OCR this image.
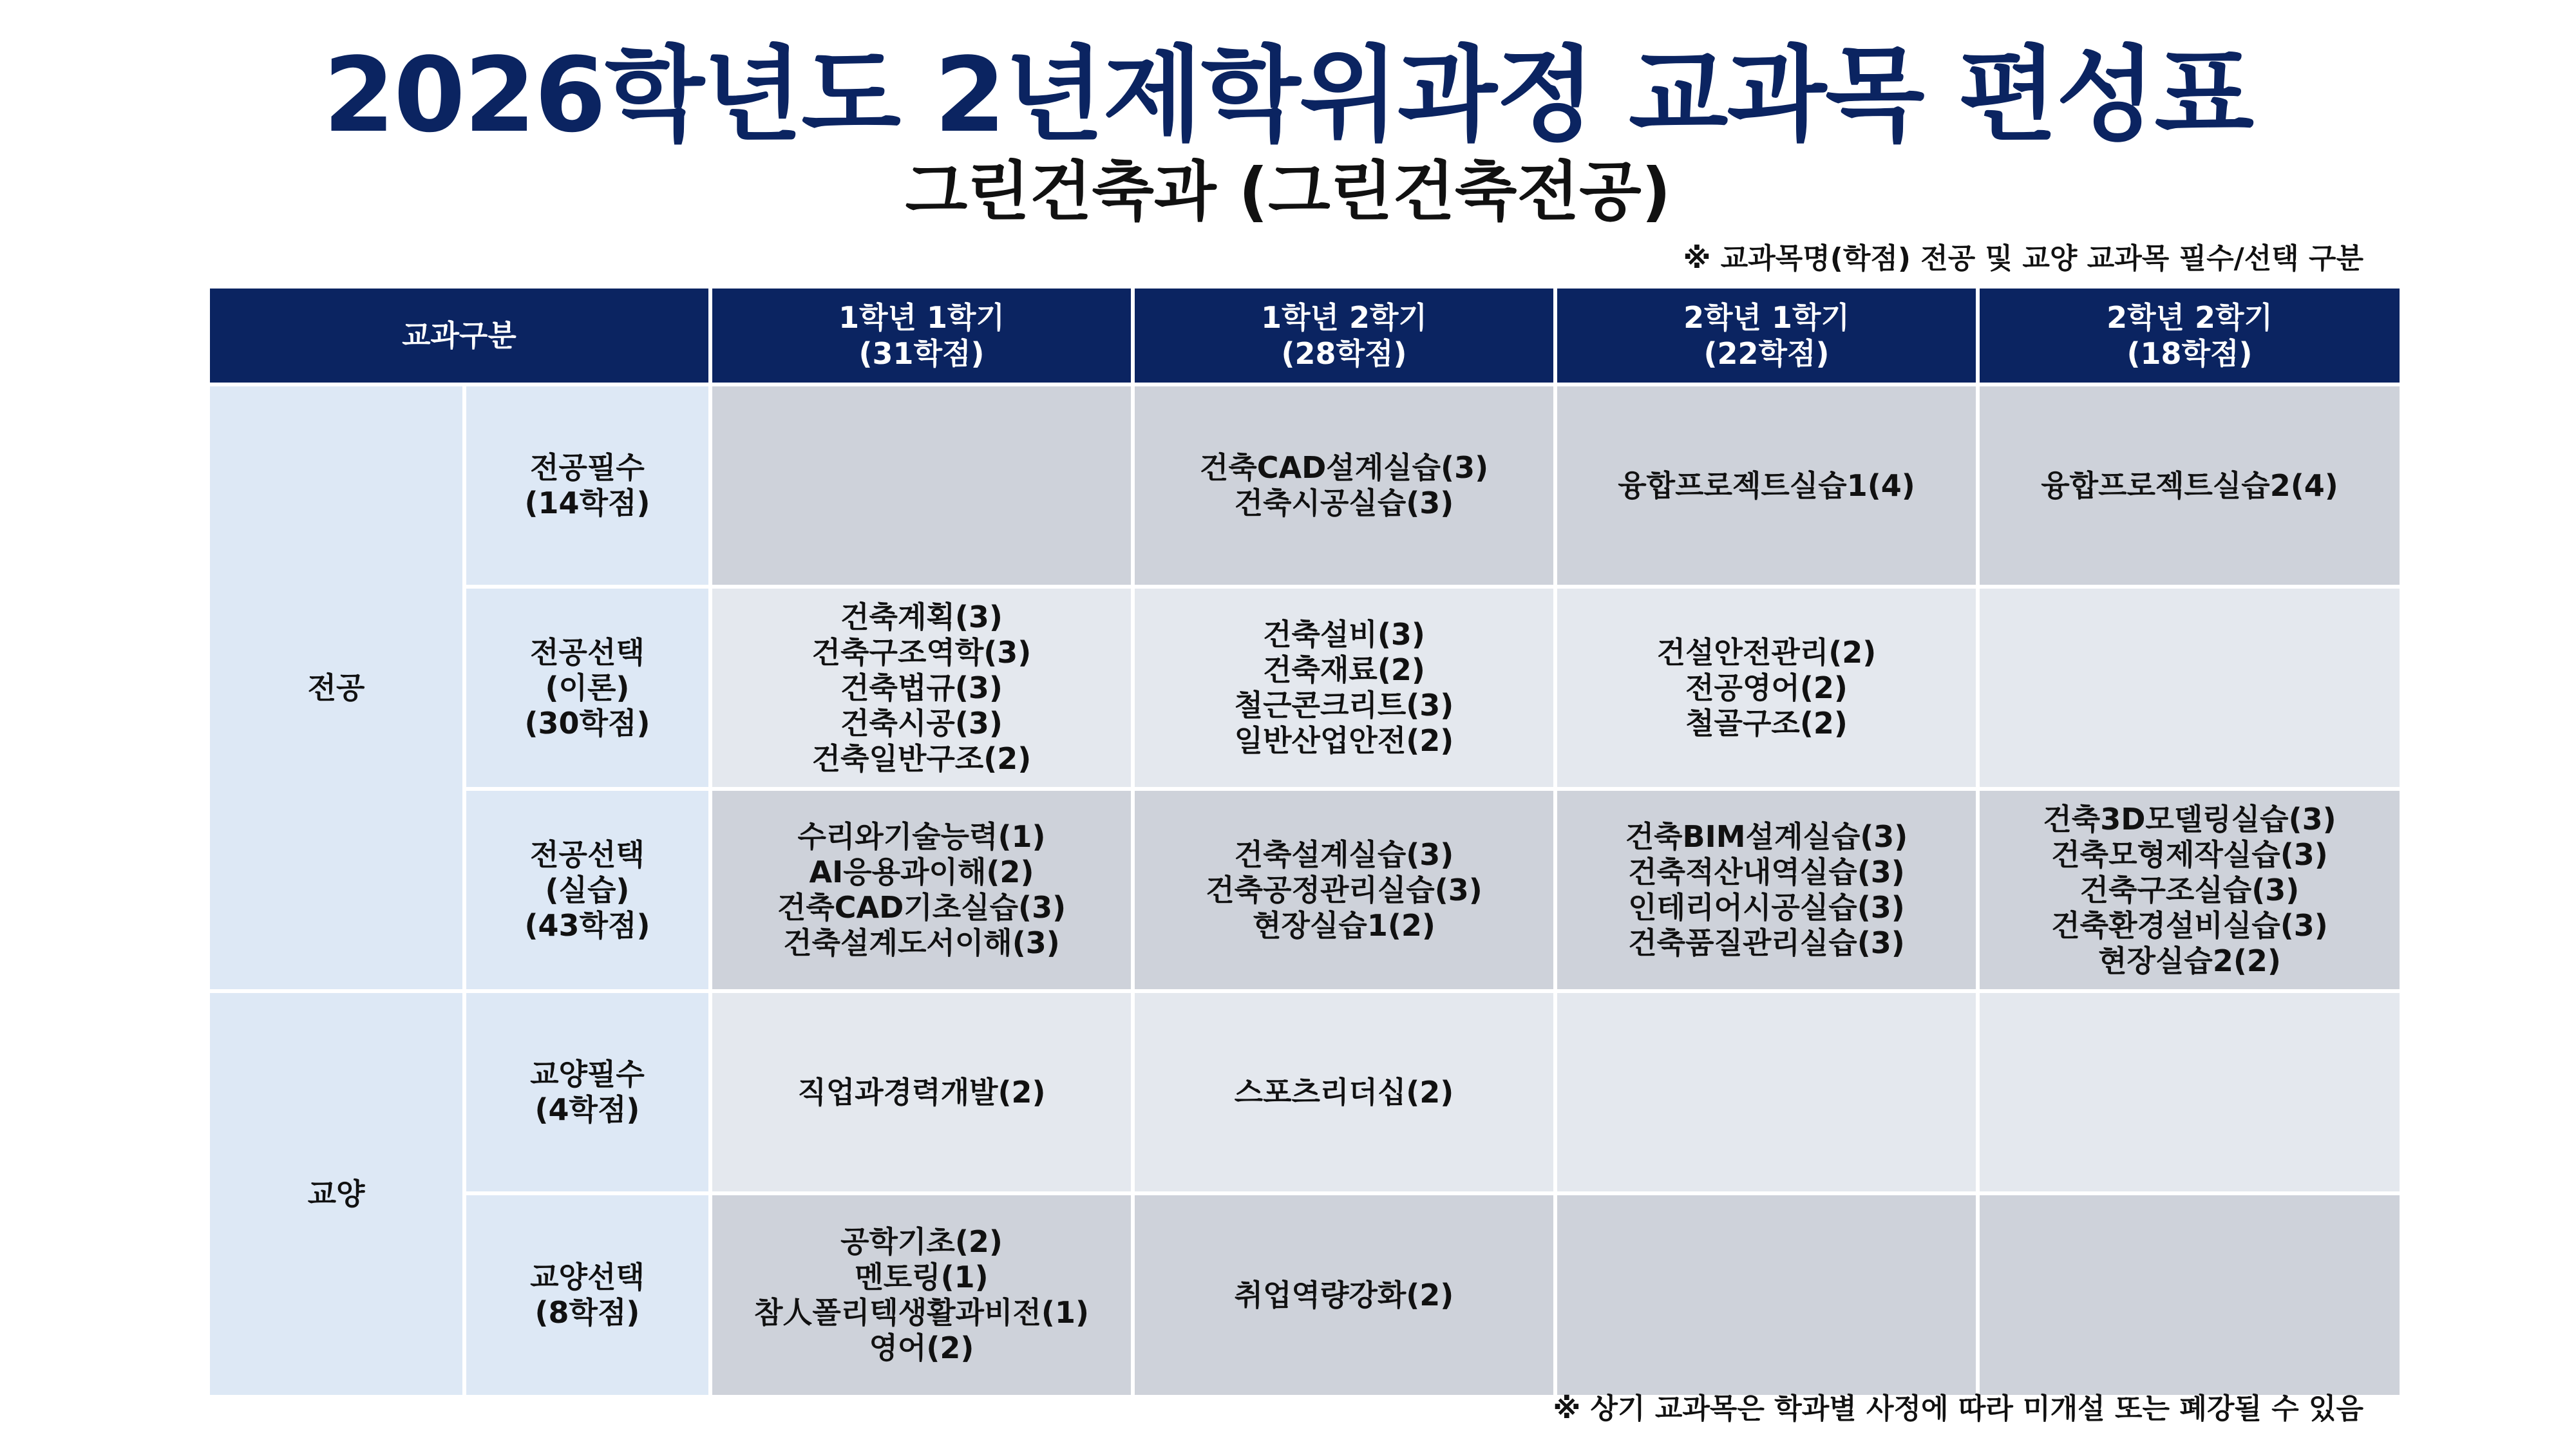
2026학년도 2년제학위과정 교과목 편성표
그린건축과 (그린건축전공)
※ 교과목명(학점) 전공 및 교양 교과목 필수/선택 구분
교과구분
1학년 1학기
(31학점)
1학년 2학기
(28학점)
2학년 1학기
(22학점)
2학년 2학기
(18학점)
전공
교양
전공필수
(14학점)
건축CAD설계실습(3)
건축시공실습(3)
융합프로젝트실습1(4)	융합프로젝트실습2(4)
전공선택
(이론)
(30학점)
건축계획(3)
건축구조역학(3)
건축법규(3)
건축시공(3)
건축일반구조(2)
건축설비(3)
건축재료(2)
철근콘크리트(3)
일반산업안전(2)
건설안전관리(2)
전공영어(2)
철골구조(2)
전공선택
(실습)
(43학점)
수리와기술능력(1)
AI응용과이해(2)
건축CAD기초실습(3)
건축설계도서이해(3)
건축설계실습(3)
건축공정관리실습(3)
현장실습1(2)
건축BIM설계실습(3)
건축적산내역실습(3)
인테리어시공실습(3)
건축품질관리실습(3)
건축3D모델링실습(3)
건축모형제작실습(3)
건축구조실습(3)
건축환경설비실습(3)
현장실습2(2)
교양필수
(4학점)
직업과경력개발(2)	스포츠리더십(2)
교양선택
(8학점)
공학기초(2)
멘토링(1)
참人폴리텍생활과비전(1)
영어(2)
취업역량강화(2)
※ 상기 교과목은 학과별 사정에 따라 미개설 또는 폐강될 수 있음
